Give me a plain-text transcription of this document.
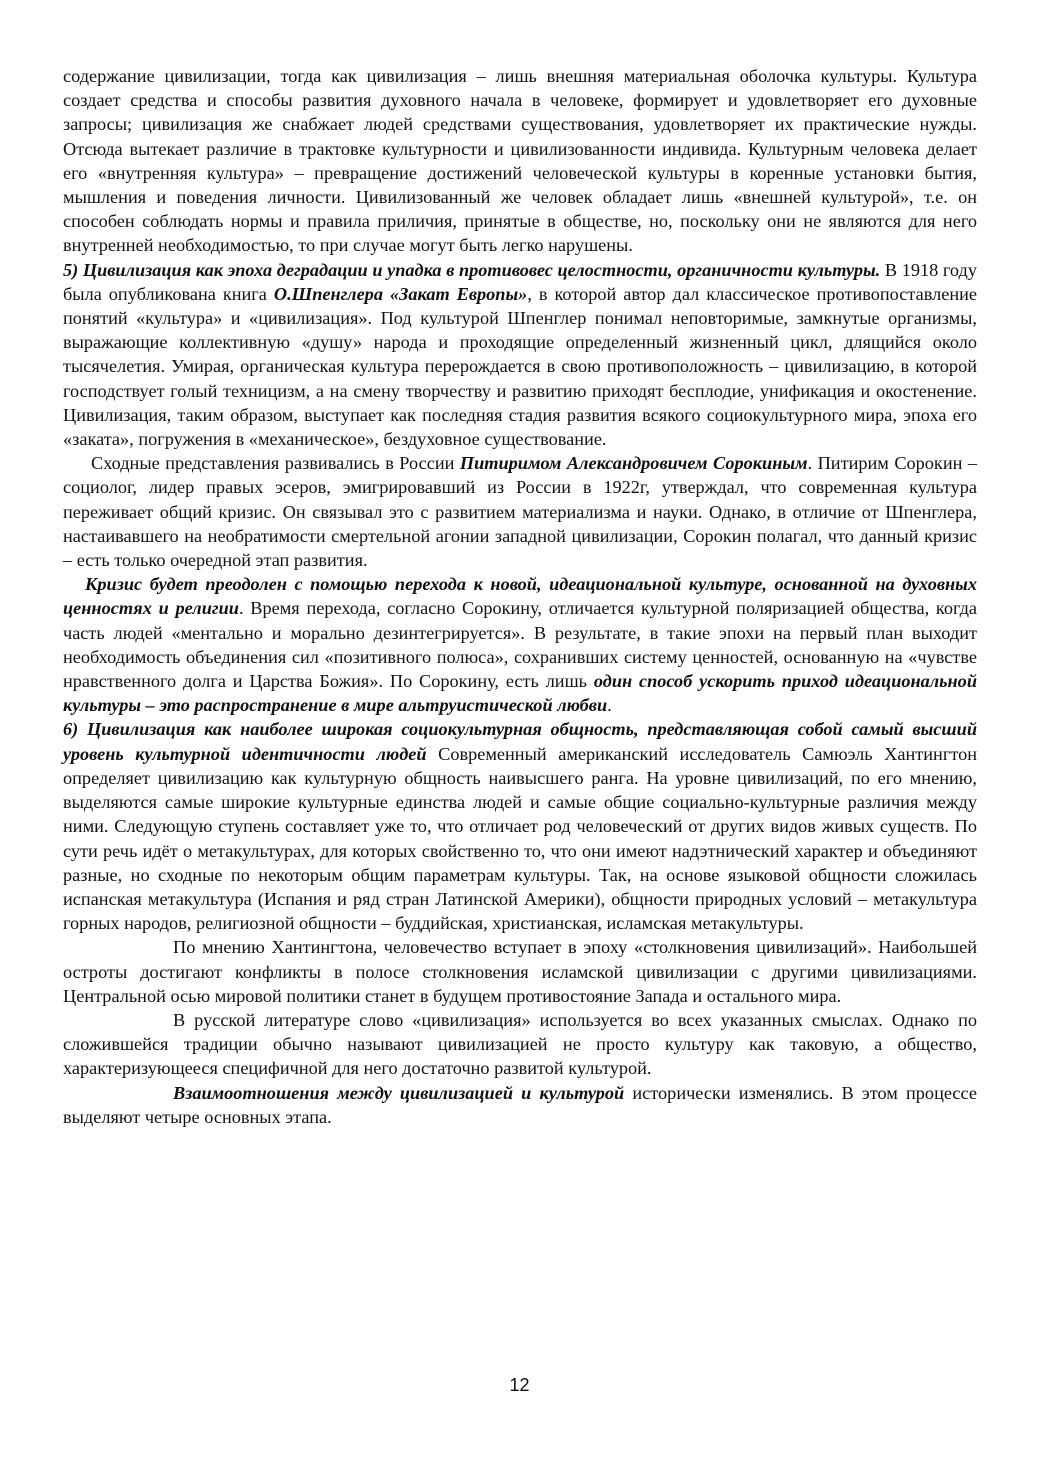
содержание цивилизации, тогда как цивилизация – лишь внешняя материальная оболочка культуры. Культура создает средства и способы развития духовного начала в человеке, формирует и удовлетворяет его духовные запросы; цивилизация же снабжает людей средствами существования, удовлетворяет их практические нужды. Отсюда вытекает различие в трактовке культурности и цивилизованности индивида. Культурным человека делает его «внутренняя культура» – превращение достижений человеческой культуры в коренные установки бытия, мышления и поведения личности. Цивилизованный же человек обладает лишь «внешней культурой», т.е. он способен соблюдать нормы и правила приличия, принятые в обществе, но, поскольку они не являются для него внутренней необходимостью, то при случае могут быть легко нарушены.

5) Цивилизация как эпоха деградации и упадка в противовес целостности, органичности культуры. В 1918 году была опубликована книга О.Шпенглера «Закат Европы», в которой автор дал классическое противопоставление понятий «культура» и «цивилизация». Под культурой Шпенглер понимал неповторимые, замкнутые организмы, выражающие коллективную «душу» народа и проходящие определенный жизненный цикл, длящийся около тысячелетия. Умирая, органическая культура перерождается в свою противоположность – цивилизацию, в которой господствует голый техницизм, а на смену творчеству и развитию приходят бесплодие, унификация и окостенение. Цивилизация, таким образом, выступает как последняя стадия развития всякого социокультурного мира, эпоха его «заката», погружения в «механическое», бездуховное существование.

Сходные представления развивались в России Питиримом Александровичем Сорокиным. Питирим Сорокин – социолог, лидер правых эсеров, эмигрировавший из России в 1922г, утверждал, что современная культура переживает общий кризис. Он связывал это с развитием материализма и науки. Однако, в отличие от Шпенглера, настаивавшего на необратимости смертельной агонии западной цивилизации, Сорокин полагал, что данный кризис – есть только очередной этап развития.

Кризис будет преодолен с помощью перехода к новой, идеациональной культуре, основанной на духовных ценностях и религии. Время перехода, согласно Сорокину, отличается культурной поляризацией общества, когда часть людей «ментально и морально дезинтегрируется». В результате, в такие эпохи на первый план выходит необходимость объединения сил «позитивного полюса», сохранивших систему ценностей, основанную на «чувстве нравственного долга и Царства Божия». По Сорокину, есть лишь один способ ускорить приход идеациональной культуры – это распространение в мире альтруистической любви.

6) Цивилизация как наиболее широкая социокультурная общность, представляющая собой самый высший уровень культурной идентичности людей Современный американский исследователь Самюэль Хантингтон определяет цивилизацию как культурную общность наивысшего ранга. На уровне цивилизаций, по его мнению, выделяются самые широкие культурные единства людей и самые общие социально-культурные различия между ними. Следующую ступень составляет уже то, что отличает род человеческий от других видов живых существ. По сути речь идёт о метакультурах, для которых свойственно то, что они имеют надэтнический характер и объединяют разные, но сходные по некоторым общим параметрам культуры. Так, на основе языковой общности сложилась испанская метакультура (Испания и ряд стран Латинской Америки), общности природных условий – метакультура горных народов, религиозной общности – буддийская, христианская, исламская метакультуры.

По мнению Хантингтона, человечество вступает в эпоху «столкновения цивилизаций». Наибольшей остроты достигают конфликты в полосе столкновения исламской цивилизации с другими цивилизациями. Центральной осью мировой политики станет в будущем противостояние Запада и остального мира.

В русской литературе слово «цивилизация» используется во всех указанных смыслах. Однако по сложившейся традиции обычно называют цивилизацией не просто культуру как таковую, а общество, характеризующееся специфичной для него достаточно развитой культурой.

Взаимоотношения между цивилизацией и культурой исторически изменялись. В этом процессе выделяют четыре основных этапа.

12
